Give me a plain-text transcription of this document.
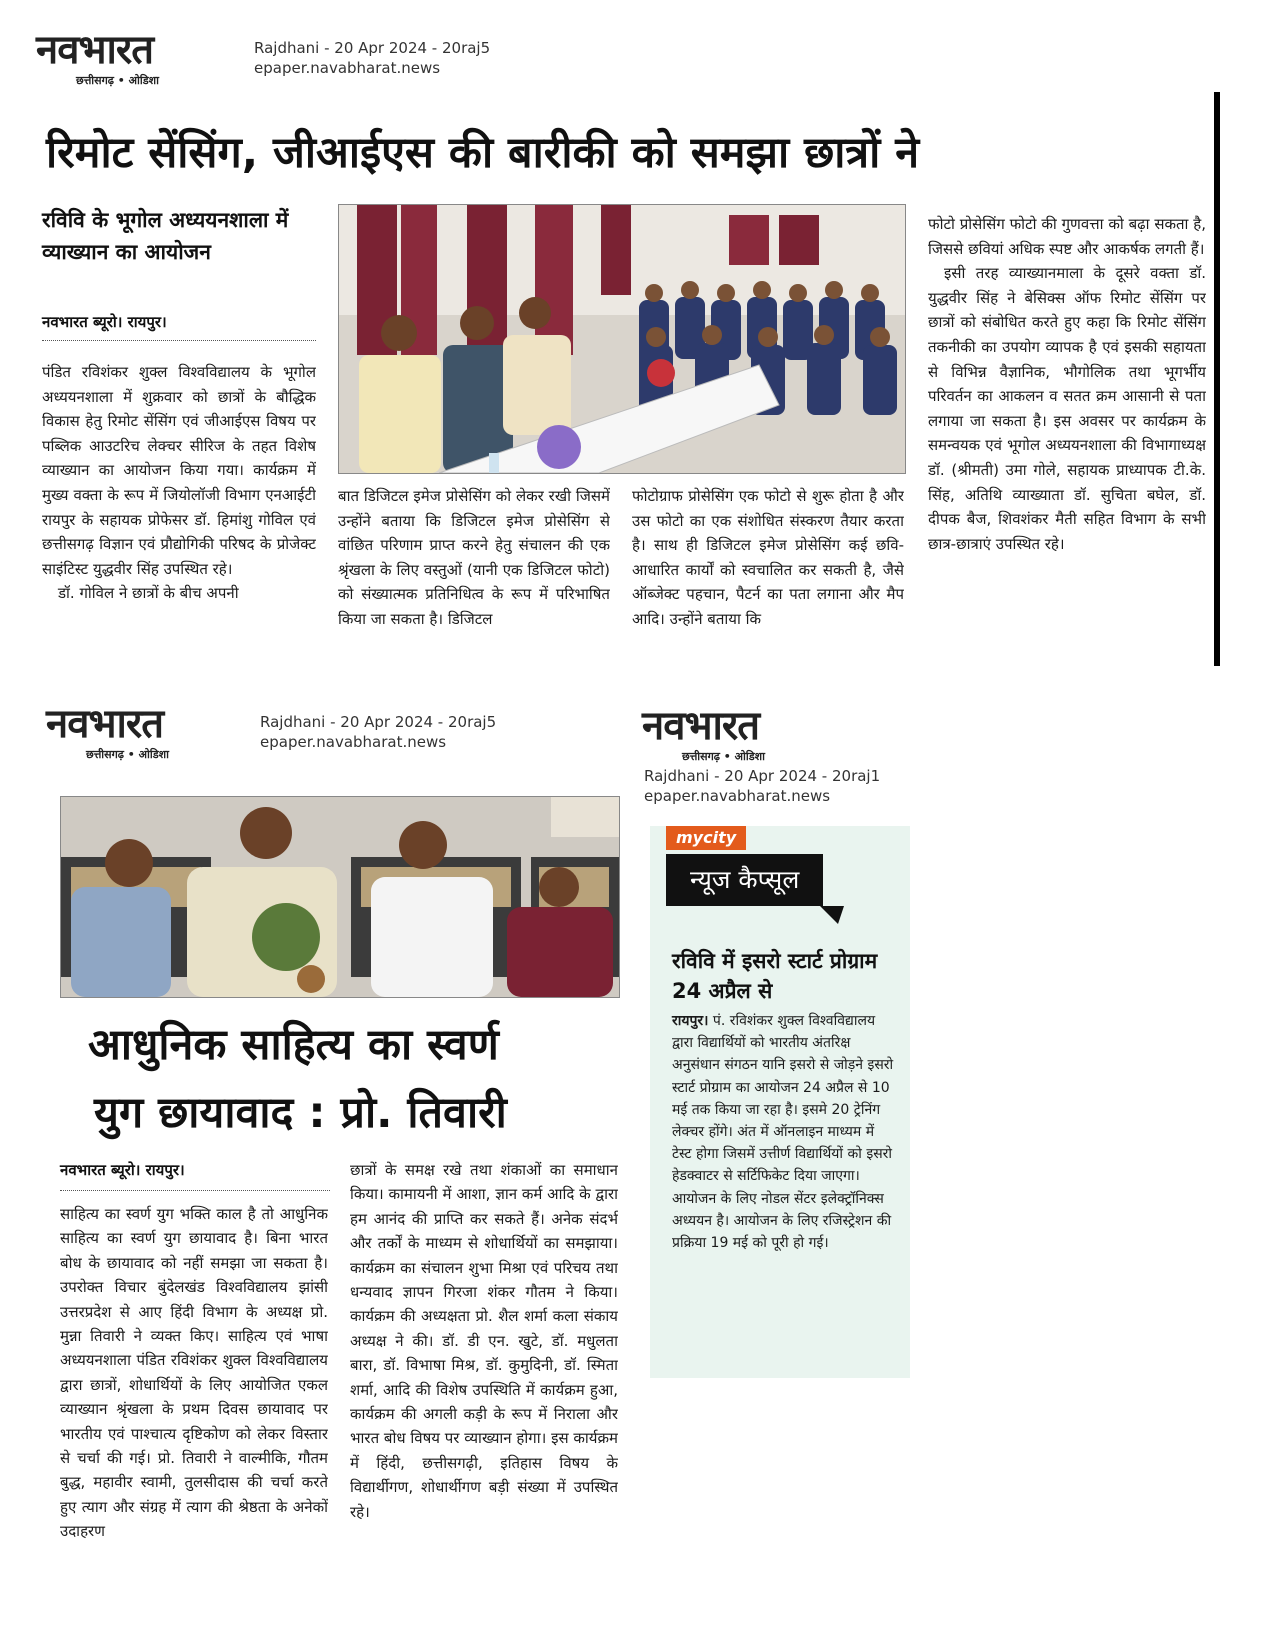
नवभारत
छत्तीसगढ़ • ओडिशा
Rajdhani - 20 Apr 2024 - 20raj5
epaper.navabharat.news
रिमोट सेंसिंग, जीआईएस की बारीकी को समझा छात्रों ने
रविवि के भूगोल अध्ययनशाला में व्याख्यान का आयोजन
नवभारत ब्यूरो। रायपुर।
पंडित रविशंकर शुक्ल विश्वविद्यालय के भूगोल अध्ययनशाला में शुक्रवार को छात्रों के बौद्धिक विकास हेतु रिमोट सेंसिंग एवं जीआईएस विषय पर पब्लिक आउटरिच लेक्चर सीरिज के तहत विशेष व्याख्यान का आयोजन किया गया। कार्यक्रम में मुख्य वक्ता के रूप में जियोलॉजी विभाग एनआईटी रायपुर के सहायक प्रोफेसर डॉ. हिमांशु गोविल एवं छत्तीसगढ़ विज्ञान एवं प्रौद्योगिकी परिषद के प्रोजेक्ट साइंटिस्ट युद्धवीर सिंह उपस्थित रहे।
डॉ. गोविल ने छात्रों के बीच अपनी
बात डिजिटल इमेज प्रोसेसिंग को लेकर रखी जिसमें उन्होंने बताया कि डिजिटल इमेज प्रोसेसिंग से वांछित परिणाम प्राप्त करने हेतु संचालन की एक श्रृंखला के लिए वस्तुओं (यानी एक डिजिटल फोटो) को संख्यात्मक प्रतिनिधित्व के रूप में परिभाषित किया जा सकता है। डिजिटल
फोटोग्राफ प्रोसेसिंग एक फोटो से शुरू होता है और उस फोटो का एक संशोधित संस्करण तैयार करता है। साथ ही डिजिटल इमेज प्रोसेसिंग कई छवि-आधारित कार्यों को स्वचालित कर सकती है, जैसे ऑब्जेक्ट पहचान, पैटर्न का पता लगाना और मैप आदि। उन्होंने बताया कि
फोटो प्रोसेसिंग फोटो की गुणवत्ता को बढ़ा सकता है, जिससे छवियां अधिक स्पष्ट और आकर्षक लगती हैं।
इसी तरह व्याख्यानमाला के दूसरे वक्ता डॉ. युद्धवीर सिंह ने बेसिक्स ऑफ रिमोट सेंसिंग पर छात्रों को संबोधित करते हुए कहा कि रिमोट सेंसिंग तकनीकी का उपयोग व्यापक है एवं इसकी सहायता से विभिन्न वैज्ञानिक, भौगोलिक तथा भूगर्भीय परिवर्तन का आकलन व सतत क्रम आसानी से पता लगाया जा सकता है। इस अवसर पर कार्यक्रम के समन्वयक एवं भूगोल अध्ययनशाला की विभागाध्यक्ष डॉ. (श्रीमती) उमा गोले, सहायक प्राध्यापक टी.के. सिंह, अतिथि व्याख्याता डॉ. सुचिता बघेल, डॉ. दीपक बैज, शिवशंकर मैती सहित विभाग के सभी छात्र-छात्राएं उपस्थित रहे।
नवभारत
छत्तीसगढ़ • ओडिशा
Rajdhani - 20 Apr 2024 - 20raj5
epaper.navabharat.news	नवभारत
छत्तीसगढ़ • ओडिशा
Rajdhani - 20 Apr 2024 - 20raj1
epaper.navabharat.news
आधुनिक साहित्य का स्वर्ण
युग छायावाद : प्रो. तिवारी
नवभारत ब्यूरो। रायपुर।
साहित्य का स्वर्ण युग भक्ति काल है तो आधुनिक साहित्य का स्वर्ण युग छायावाद है। बिना भारत बोध के छायावाद को नहीं समझा जा सकता है। उपरोक्त विचार बुंदेलखंड विश्वविद्यालय झांसी उत्तरप्रदेश से आए हिंदी विभाग के अध्यक्ष प्रो. मुन्ना तिवारी ने व्यक्त किए। साहित्य एवं भाषा अध्ययनशाला पंडित रविशंकर शुक्ल विश्वविद्यालय द्वारा छात्रों, शोधार्थियों के लिए आयोजित एकल व्याख्यान श्रृंखला के प्रथम दिवस छायावाद पर भारतीय एवं पाश्चात्य दृष्टिकोण को लेकर विस्तार से चर्चा की गई। प्रो. तिवारी ने वाल्मीकि, गौतम बुद्ध, महावीर स्वामी, तुलसीदास की चर्चा करते हुए त्याग और संग्रह में त्याग की श्रेष्ठता के अनेकों उदाहरण
छात्रों के समक्ष रखे तथा शंकाओं का समाधान किया। कामायनी में आशा, ज्ञान कर्म आदि के द्वारा हम आनंद की प्राप्ति कर सकते हैं। अनेक संदर्भ और तर्कों के माध्यम से शोधार्थियों का समझाया। कार्यक्रम का संचालन शुभा मिश्रा एवं परिचय तथा धन्यवाद ज्ञापन गिरजा शंकर गौतम ने किया। कार्यक्रम की अध्यक्षता प्रो. शैल शर्मा कला संकाय अध्यक्ष ने की। डॉ. डी एन. खुटे, डॉ. मधुलता बारा, डॉ. विभाषा मिश्र, डॉ. कुमुदिनी, डॉ. स्मिता शर्मा, आदि की विशेष उपस्थिति में कार्यक्रम हुआ, कार्यक्रम की अगली कड़ी के रूप में निराला और भारत बोध विषय पर व्याख्यान होगा। इस कार्यक्रम में हिंदी, छत्तीसगढ़ी, इतिहास विषय के विद्यार्थीगण, शोधार्थीगण बड़ी संख्या में उपस्थित रहे।
mycity
न्यूज कैप्सूल
रविवि में इसरो स्टार्ट प्रोग्राम 24 अप्रैल से
रायपुर। पं. रविशंकर शुक्ल विश्वविद्यालय द्वारा विद्यार्थियों को भारतीय अंतरिक्ष अनुसंधान संगठन यानि इसरो से जोड़ने इसरो स्टार्ट प्रोग्राम का आयोजन 24 अप्रैल से 10 मई तक किया जा रहा है। इसमे 20 ट्रेनिंग लेक्चर होंगे। अंत में ऑनलाइन माध्यम में टेस्ट होगा जिसमें उत्तीर्ण विद्यार्थियों को इसरो हेडक्वाटर से सर्टिफिकेट दिया जाएगा। आयोजन के लिए नोडल सेंटर इलेक्ट्रॉनिक्स अध्ययन है। आयोजन के लिए रजिस्ट्रेशन की प्रक्रिया 19 मई को पूरी हो गई।
